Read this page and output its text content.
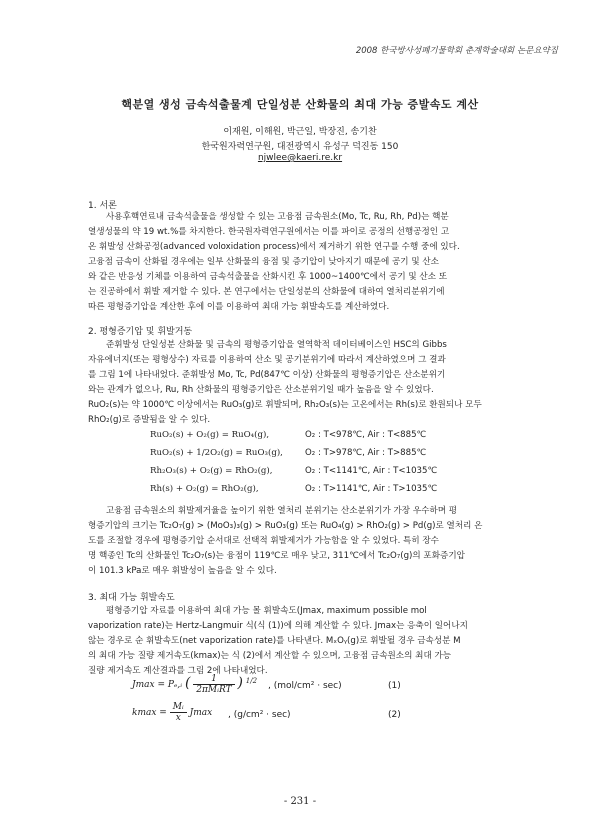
2008 한국방사성폐기물학회 춘계학술대회 논문요약집
핵분열 생성 금속석출물계 단일성분 산화물의 최대 가능 증발속도 계산
이재원, 이해원, 박근일, 박장진, 송기찬
한국원자력연구원, 대전광역시 유성구 덕진동 150
njwlee@kaeri.re.kr
1. 서론
사용후핵연료내 금속석출물을 생성할 수 있는 고융점 금속원소(Mo, Tc, Ru, Rh, Pd)는 핵분
열생성물의 약 19 wt.%를 차지한다. 한국원자력연구원에서는 이를 파이로 공정의 선행공정인 고
온 휘발성 산화공정(advanced voloxidation process)에서 제거하기 위한 연구를 수행 중에 있다.
고융점 금속이 산화될 경우에는 일부 산화물의 융점 및 증기압이 낮아지기 때문에 공기 및 산소
와 같은 반응성 기체를 이용하여 금속석출물을 산화시킨 후 1000~1400℃에서 공기 및 산소 또
는 진공하에서 휘발 제거할 수 있다. 본 연구에서는 단일성분의 산화물에 대하여 열처리분위기에
따른 평형증기압을 계산한 후에 이를 이용하여 최대 가능 휘발속도를 계산하였다.
2. 평형증기압 및 휘발거동
준휘발성 단일성분 산화물 및 금속의 평형증기압을 열역학적 데이터베이스인 HSC의 Gibbs
자유에너지(또는 평형상수) 자료를 이용하여 산소 및 공기분위기에 따라서 계산하였으며 그 결과
를 그림 1에 나타내었다. 준휘발성 Mo, Tc, Pd(847℃ 이상) 산화물의 평형증기압은 산소분위기
와는 관계가 없으나, Ru, Rh 산화물의 평형증기압은 산소분위기일 때가 높음을 알 수 있었다.
RuO₂(s)는 약 1000℃ 이상에서는 RuO₃(g)로 휘발되며, Rh₂O₃(s)는 고온에서는 Rh(s)로 환원되나 모두
RhO₂(g)로 증발됨을 알 수 있다.
RuO₂(s) + O₂(g) = RuO₄(g),	O₂ : T<978℃, Air : T<885℃
RuO₂(s) + 1/2O₂(g) = RuO₃(g),	O₂ : T>978℃, Air : T>885℃
Rh₂O₃(s) + O₂(g) = RhO₂(g),	O₂ : T<1141℃, Air : T<1035℃
Rh(s) + O₂(g) = RhO₂(g),	O₂ : T>1141℃, Air : T>1035℃
고융점 금속원소의 휘발제거율을 높이기 위한 열처리 분위기는 산소분위기가 가장 우수하며 평
형증기압의 크기는 Tc₂O₇(g) > (MoO₃)₃(g) > RuO₃(g) 또는 RuO₄(g) > RhO₂(g) > Pd(g)로 열처리 온
도를 조절할 경우에 평형증기압 순서대로 선택적 휘발제거가 가능함을 알 수 있었다. 특히 장수
명 핵종인 Tc의 산화물인 Tc₂O₇(s)는 융점이 119℃로 매우 낮고, 311℃에서 Tc₂O₇(g)의 포화증기압
이 101.3 kPa로 매우 휘발성이 높음을 알 수 있다.
3. 최대 가능 휘발속도
평형증기압 자료를 이용하여 최대 가능 몰 휘발속도(Jmax, maximum possible mol
vaporization rate)는 Hertz-Langmuir 식(식 (1))에 의해 계산할 수 있다. Jmax는 응축이 일어나지
않는 경우로 순 휘발속도(net vaporization rate)를 나타낸다. MₓOᵧ(g)로 휘발될 경우 금속성분 M
의 최대 가능 질량 제거속도(kmax)는 식 (2)에서 계산할 수 있으며, 고융점 금속원소의 최대 가능
질량 제거속도 계산결과를 그림 2에 나타내었다.
Jmax = Pₑ,ᵢ ( $\frac{1}{\text{2πMᵢRT}}$ ) $^{1/2}$ , (mol/cm² · sec)	(1)
$kmax = \frac{\text{Mᵢ}}{x}$ Jmax , (g/cm² · sec)	(2)
- 231 -
